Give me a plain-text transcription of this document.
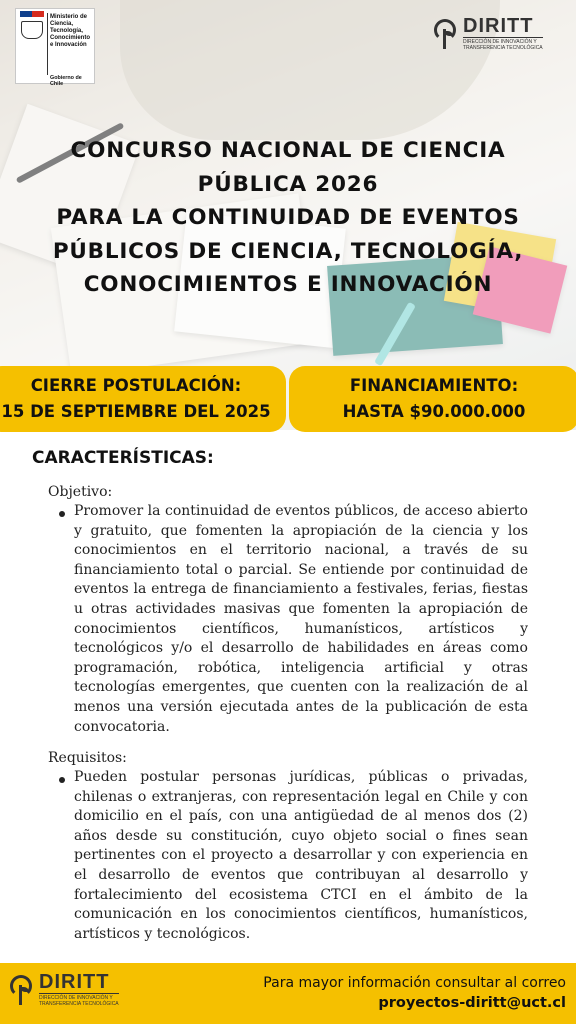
Ministerio de
Ciencia,
Tecnología,
Conocimiento
e Innovación
Gobierno de Chile
DIRITT
DIRECCIÓN DE INNOVACIÓN Y
TRANSFERENCIA TECNOLÓGICA
CONCURSO NACIONAL DE CIENCIA
PÚBLICA 2026
PARA LA CONTINUIDAD DE EVENTOS
PÚBLICOS DE CIENCIA, TECNOLOGÍA,
CONOCIMIENTOS E INNOVACIÓN
CIERRE POSTULACIÓN:
15 DE SEPTIEMBRE DEL 2025
FINANCIAMIENTO:
HASTA $90.000.000
CARACTERÍSTICAS:
Objetivo:
Promover la continuidad de eventos públicos, de acceso abierto y gratuito, que fomenten la apropiación de la ciencia y los conocimientos en el territorio nacional, a través de su financiamiento total o parcial. Se entiende por continuidad de eventos la entrega de financiamiento a festivales, ferias, fiestas u otras actividades masivas que fomenten la apropiación de conocimientos científicos, humanísticos, artísticos y tecnológicos y/o el desarrollo de habilidades en áreas como programación, robótica, inteligencia artificial y otras tecnologías emergentes, que cuenten con la realización de al menos una versión ejecutada antes de la publicación de esta convocatoria.
Requisitos:
Pueden postular personas jurídicas, públicas o privadas, chilenas o extranjeras, con representación legal en Chile y con domicilio en el país, con una antigüedad de al menos dos (2) años desde su constitución, cuyo objeto social o fines sean pertinentes con el proyecto a desarrollar y con experiencia en el desarrollo de eventos que contribuyan al desarrollo y fortalecimiento del ecosistema CTCI en el ámbito de la comunicación en los conocimientos científicos, humanísticos, artísticos y tecnológicos.
Para mayor información consultar al correo
proyectos-diritt@uct.cl
DIRITT
DIRECCIÓN DE INNOVACIÓN Y
TRANSFERENCIA TECNOLÓGICA
